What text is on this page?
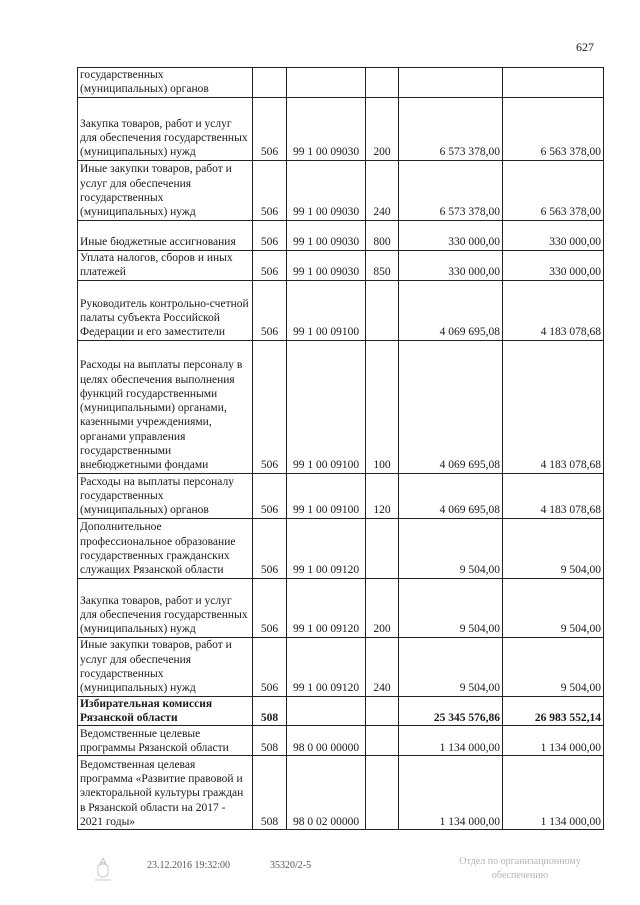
627
государственных (муниципальных) органов					
Закупка товаров, работ и услуг для обеспечения государственных (муниципальных) нужд	506	99 1 00 09030	200	6 573 378,00	6 563 378,00
Иные закупки товаров, работ и услуг для обеспечения государственных (муниципальных) нужд	506	99 1 00 09030	240	6 573 378,00	6 563 378,00
Иные бюджетные ассигнования	506	99 1 00 09030	800	330 000,00	330 000,00
Уплата налогов, сборов и иных платежей	506	99 1 00 09030	850	330 000,00	330 000,00
Руководитель контрольно-счетной палаты субъекта Российской Федерации и его заместители	506	99 1 00 09100		4 069 695,08	4 183 078,68
Расходы на выплаты персоналу в целях обеспечения выполнения функций государственными (муниципальными) органами, казенными учреждениями, органами управления государственными внебюджетными фондами	506	99 1 00 09100	100	4 069 695,08	4 183 078,68
Расходы на выплаты персоналу государственных (муниципальных) органов	506	99 1 00 09100	120	4 069 695,08	4 183 078,68
Дополнительное профессиональное образование государственных гражданских служащих Рязанской области	506	99 1 00 09120		9 504,00	9 504,00
Закупка товаров, работ и услуг для обеспечения государственных (муниципальных) нужд	506	99 1 00 09120	200	9 504,00	9 504,00
Иные закупки товаров, работ и услуг для обеспечения государственных (муниципальных) нужд	506	99 1 00 09120	240	9 504,00	9 504,00
Избирательная комиссия Рязанской области	508			25 345 576,86	26 983 552,14
Ведомственные целевые программы Рязанской области	508	98 0 00 00000		1 134 000,00	1 134 000,00
Ведомственная целевая программа «Развитие правовой и электоральной культуры граждан в Рязанской области на 2017 - 2021 годы»	508	98 0 02 00000		1 134 000,00	1 134 000,00
23.12.2016 19:32:00	35320/2-5	Отдел по организационному
обеспечению
